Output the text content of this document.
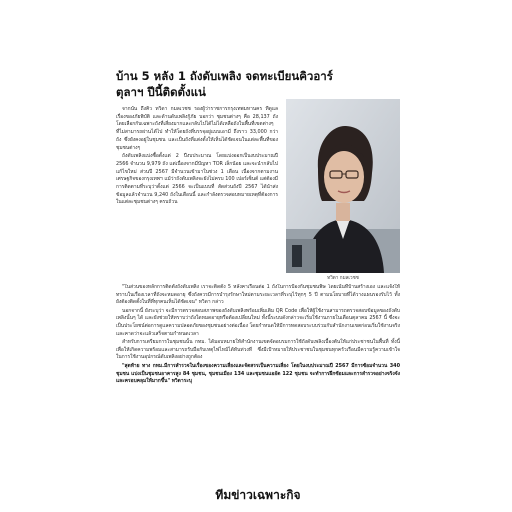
บ้าน 5 หลัง 1 ถังดับเพลิง จดทะเบียนคิวอาร์
ตุลาฯ ปีนี้ติดตั้งแน่

จากนั้น ถึงคิว ทวิดา กมลเวชช รองผู้ว่าราชการกรุงเทพมหานคร ที่ดูแลเรื่องของภัยพิบัติ และด้านดับเพลิงกู้ภัย บอกว่า ชุมชนต่างๆ คือ 28,137 ถัง โดยเลือกกับเฉพาะถังที่เสี่ยงมากและกลับไปได้ไม่ได้เหลือถังในพื้นที่เขตต่างๆ ที่ไม่สามารถผ่านได้ไป ทำให้โดยถังที่บรรจุอยู่แบบเอามี ถึงราว 33,000 กว่าถัง ซึ่งยังคงอยู่ในชุมชน และเป็นถังที่แต่งตั้งให้เห็นได้ชัดเจนในแต่ละพื้นที่ของชุมชนต่างๆ

ถังดับเพลิงแบ่งซื้อตั้งแต่ 2 ปีงบประมาณ โดยแบ่งออกเป็นงบประมาณปี 2566 จำนวน 9,979 ถัง แต่เนื่องจากมีปัญหา TOR เล็กน้อย และจะนำกลับไปแก้ไขใหม่ ส่วนปี 2567 มีจำนวนเข้ามาในช่วง 1 เดือน เนื่องจากตามงานเศรษฐกิจของกรุงเทพฯ แม้ว่าถังดับเพลิงจะยังไม่ครบ 100 เปอร์เซ็นต์ แต่ต้องมีการติดตามที่ระบุว่าตั้งแต่ 2566 จะเป็นแบบที่ สัดส่วนถังปี 2567 ได้นำส่งข้อมูลแล้วจำนวน 9,240 ถังในเดือนนี้ และกำลังตรวจสอบหมายเหตุที่ต้องการในแต่ละชุมชนต่างๆ ครบถ้วน

ทวิดา กมลเวชช

"ในส่วนของหลักการติดตั้งถังดับเพลิง เราจะติดตั้ง 5 หลังคาเรือนต่อ 1 ถังในการป้องกันชุมชนพิษ โดยเน้นที่บ้านสร้างเอง และแจ้งให้ทราบในเรื่องเวลาที่ถังจะหมดอายุ ซึ่งถังควรมีการบำรุงรักษาใหม่ตามระยะเวลาที่ระบุไว้ทุกๆ 5 ปี ตามนโยบายที่ได้วางแผนรองรับไว้ ทั้งยังต้องติดตั้งในที่ที่ทุกคนเห็นได้ชัดเจน" ทวิดา กล่าว

นอกจากนี้ ยังระบุว่า จะมีการตรวจสอบสภาพของถังดับเพลิงพร้อมเพิ่มเติม QR Code เพื่อให้ผู้ใช้งานสามารถตรวจสอบข้อมูลของถังดับเพลิงนั้นๆ ได้ และยังช่วยให้ทราบว่าถังใดหมดอายุหรือต้องเปลี่ยนใหม่ ทั้งนี้ระบบดังกล่าวจะเริ่มใช้งานภายในเดือนตุลาคม 2567 นี้ ซึ่งจะเป็นประโยชน์ต่อการดูแลความปลอดภัยของชุมชนอย่างต่อเนื่อง โดยกำหนดให้มีการทดสอบระบบร่วมกับสำนักงานเขตก่อนเริ่มใช้งานจริง และคาดว่าจะแล้วเสร็จตามกำหนดเวลา

สำหรับการเตรียมการในชุมชนนั้น กทม. ได้มอบหมายให้สำนักงานเขตจัดอบรมการใช้ถังดับเพลิงเบื้องต้นให้แก่ประชาชนในพื้นที่ ทั้งนี้เพื่อให้เกิดความพร้อมและสามารถรับมือกับเหตุไฟไหม้ได้ทันท่วงที ซึ่งมีเป้าหมายให้ประชาชนในชุมชนทุกครัวเรือนมีความรู้ความเข้าใจในการใช้งานอุปกรณ์ดับเพลิงอย่างถูกต้อง

"สุดท้าย ทาง กทม.มีการสำรวจในเรื่องของความเสี่ยงและจัดสรรเป็นความเสี่ยง โดยในงบประมาณปี 2567 มีการซ้อมจำนวน 340 ชุมชน แบ่งเป็นชุมชนอาคารสูง 84 ชุมชน, ชุมชนเมือง 134 และชุมชนแออัด 122 ชุมชน จะทำการฝึกซ้อมและการสำรวจอย่างจริงจังและครอบคลุมให้มากขึ้น" ทวิดาระบุ

ทีมข่าวเฉพาะกิจ
